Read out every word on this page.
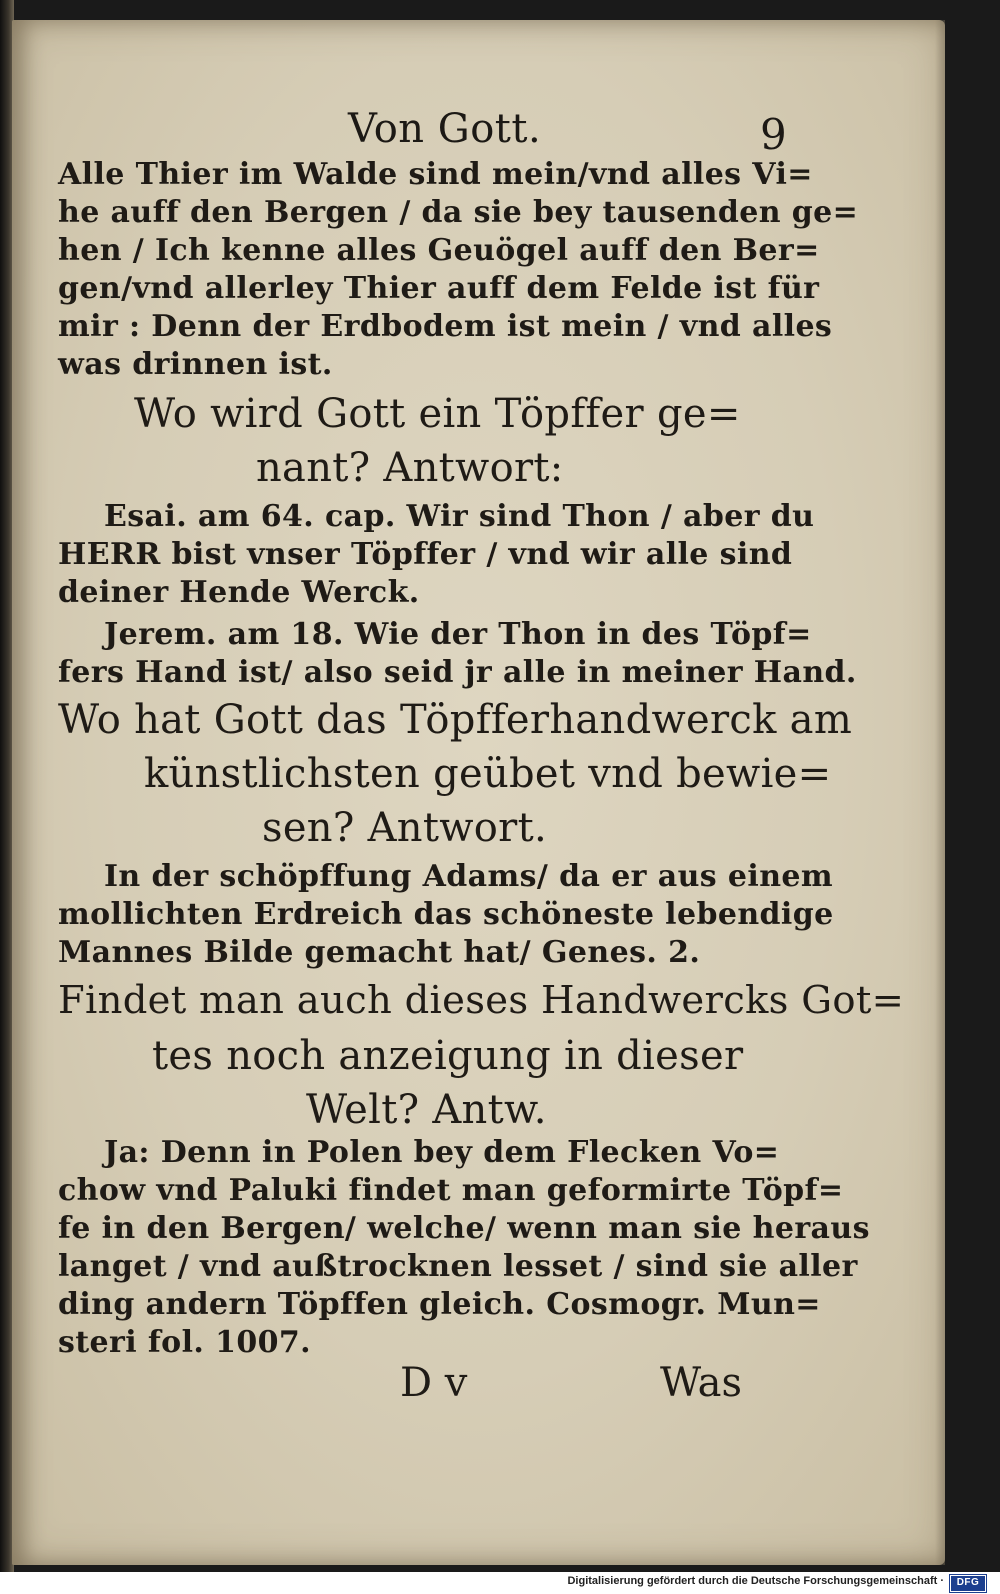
Von Gott.	9
Alle Thier im Walde sind mein/vnd alles Vi=
he auff den Bergen / da sie bey tausenden ge=
hen / Ich kenne alles Geuögel auff den Ber=
gen/vnd allerley Thier auff dem Felde ist für
mir : Denn der Erdbodem ist mein / vnd alles
was drinnen ist.
Wo wird Gott ein Töpffer ge=
nant? Antwort:
Esai. am 64. cap. Wir sind Thon / aber du
HERR bist vnser Töpffer / vnd wir alle sind
deiner Hende Werck.
Jerem. am 18. Wie der Thon in des Töpf=
fers Hand ist/ also seid jr alle in meiner Hand.
Wo hat Gott das Töpfferhandwerck am
künstlichsten geübet vnd bewie=
sen? Antwort.
In der schöpffung Adams/ da er aus einem
mollichten Erdreich das schöneste lebendige
Mannes Bilde gemacht hat/ Genes. 2.
Findet man auch dieses Handwercks Got=
tes noch anzeigung in dieser
Welt? Antw.
Ja: Denn in Polen bey dem Flecken Vo=
chow vnd Paluki findet man geformirte Töpf=
fe in den Bergen/ welche/ wenn man sie heraus
langet / vnd außtrocknen lesset / sind sie aller
ding andern Töpffen gleich. Cosmogr. Mun=
steri fol. 1007.
D v	Was
Digitalisierung gefördert durch die Deutsche Forschungsgemeinschaft ·	DFG
